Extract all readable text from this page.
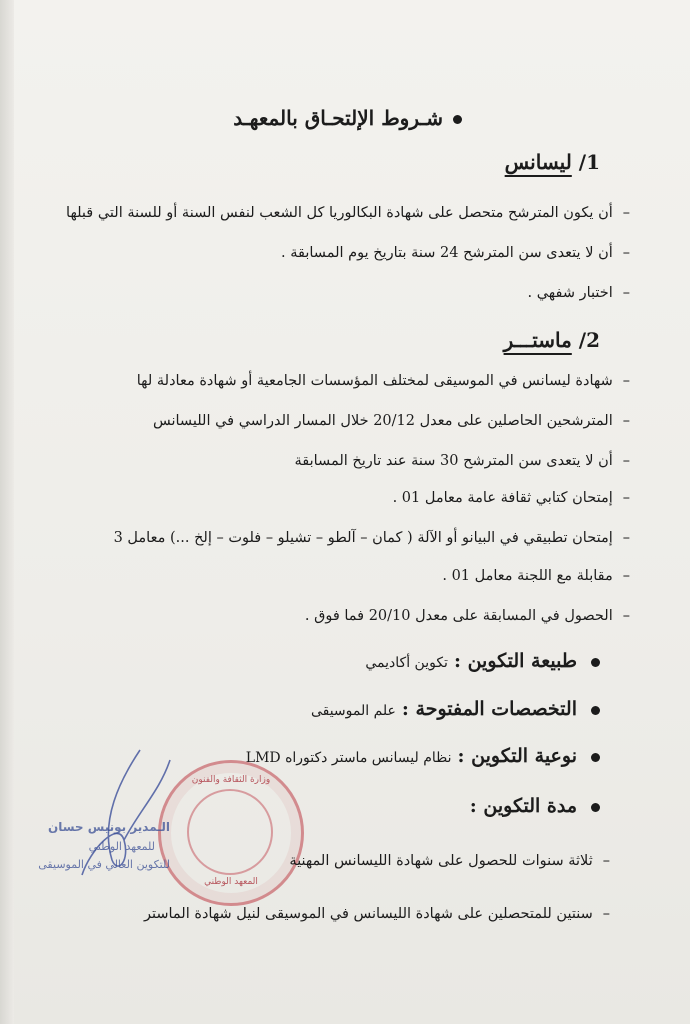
شـروط الإلتحـاق بالمعهـد
1/ ليسانس
–أن يكون المترشح متحصل على شهادة البكالوريا كل الشعب لنفس السنة أو للسنة التي قبلها
–أن لا يتعدى سن المترشح 24 سنة بتاريخ يوم المسابقة .
–اختبار شفهي .
2/ ماستـــر
–شهادة ليسانس في الموسيقى لمختلف المؤسسات الجامعية أو شهادة معادلة لها
–المترشحين الحاصلين على معدل 20/12 خلال المسار الدراسي في الليسانس
–أن لا يتعدى سن المترشح 30 سنة عند تاريخ المسابقة
–إمتحان كتابي ثقافة عامة معامل 01 .
–إمتحان تطبيقي في البيانو أو الآلة ( كمان – آلطو – تشيلو – فلوت – إلخ ...) معامل 3
–مقابلة مع اللجنة معامل 01 .
–الحصول في المسابقة على معدل 20/10 فما فوق .
طبيعة التكوين :تكوين أكاديمي
التخصصات المفتوحة :علم الموسيقى
نوعية التكوين :نظام ليسانس ماستر دكتوراه LMD
مدة التكوين :
وزارة الثقافة والفنون
المعهد الوطني
الـمدير بونيس حسان
للمعهد الوطني
للتكوين العالي في الموسيقى	–ثلاثة سنوات للحصول على شهادة الليسانس المهنية
–سنتين للمتحصلين على شهادة الليسانس في الموسيقى لنيل شهادة الماستر
